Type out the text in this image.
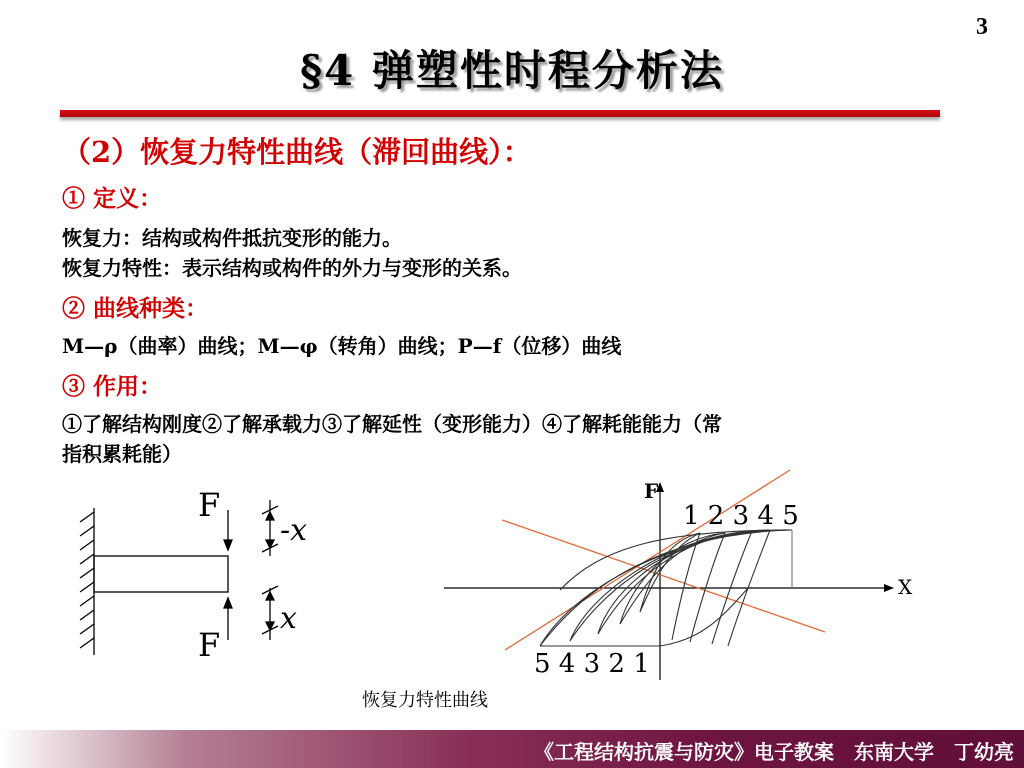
3
§4 弹塑性时程分析法
（2）恢复力特性曲线（滞回曲线）：
① 定义：
恢复力：结构或构件抵抗变形的能力。
恢复力特性：表示结构或构件的外力与变形的关系。
② 曲线种类：
M—ρ（曲率）曲线；M—φ（转角）曲线；P—f（位移）曲线
③ 作用：
①了解结构刚度②了解承载力③了解延性（变形能力）④了解耗能能力（常
指积累耗能）
F
F
-x
x
F
X
1 2 3 4 5
5 4 3 2 1
恢复力特性曲线
《工程结构抗震与防灾》电子教案　东南大学　丁幼亮
